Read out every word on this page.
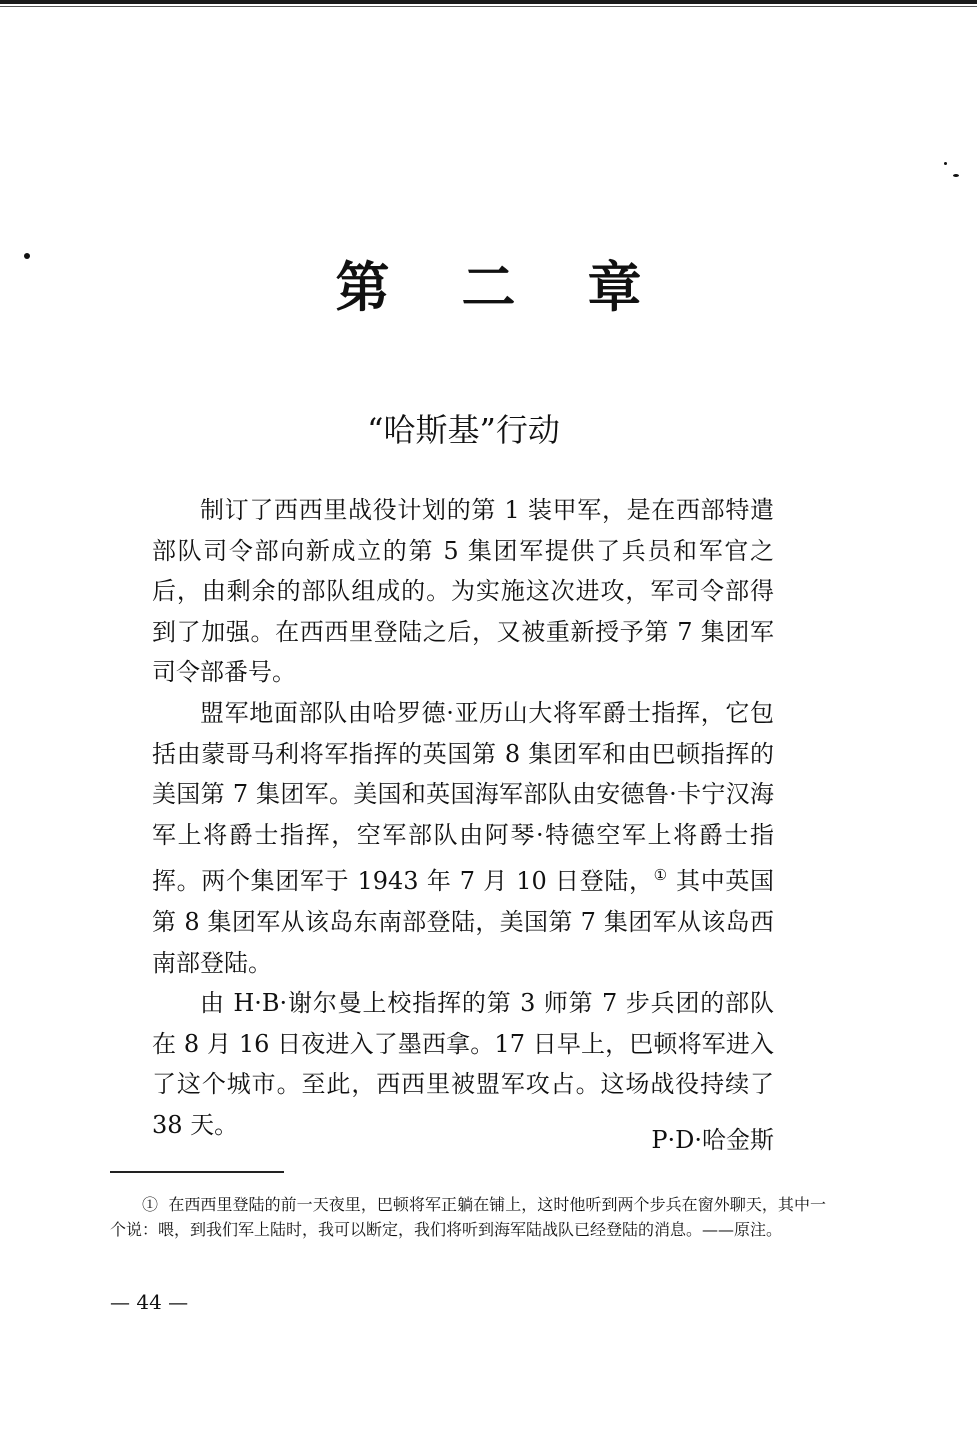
第二章
“哈斯基”行动

制订了西西里战役计划的第 1 装甲军，是在西部特遣部队司令部向新成立的第 5 集团军提供了兵员和军官之后，由剩余的部队组成的。为实施这次进攻，军司令部得到了加强。在西西里登陆之后，又被重新授予第 7 集团军司令部番号。

盟军地面部队由哈罗德·亚历山大将军爵士指挥，它包括由蒙哥马利将军指挥的英国第 8 集团军和由巴顿指挥的美国第 7 集团军。美国和英国海军部队由安德鲁·卡宁汉海军上将爵士指挥，空军部队由阿琴·特德空军上将爵士指挥。两个集团军于 1943 年 7 月 10 日登陆，① 其中英国第 8 集团军从该岛东南部登陆，美国第 7 集团军从该岛西南部登陆。

由 H·B·谢尔曼上校指挥的第 3 师第 7 步兵团的部队在 8 月 16 日夜进入了墨西拿。17 日早上，巴顿将军进入了这个城市。至此，西西里被盟军攻占。这场战役持续了 38 天。

P·D·哈金斯

① 在西西里登陆的前一天夜里，巴顿将军正躺在铺上，这时他听到两个步兵在窗外聊天，其中一个说：喂，到我们军上陆时，我可以断定，我们将听到海军陆战队已经登陆的消息。——原注。

— 44 —
